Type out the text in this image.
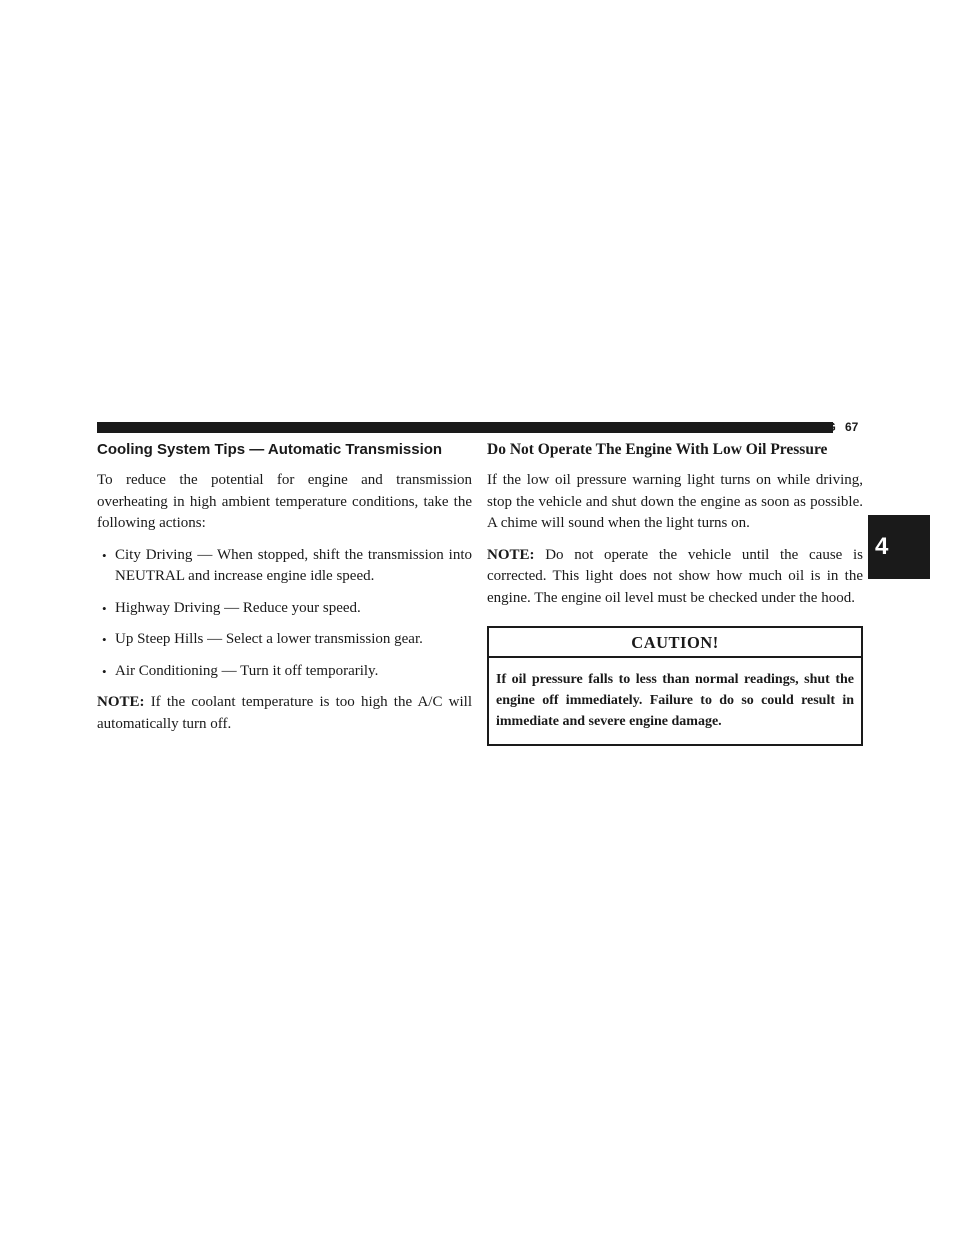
STARTING AND OPERATING 67
4
Cooling System Tips — Automatic Transmission

To reduce the potential for engine and transmission overheating in high ambient temperature conditions, take the following actions:

• City Driving — When stopped, shift the transmission into NEUTRAL and increase engine idle speed.
• Highway Driving — Reduce your speed.
• Up Steep Hills — Select a lower transmission gear.
• Air Conditioning — Turn it off temporarily.

NOTE: If the coolant temperature is too high the A/C will automatically turn off.

Do Not Operate The Engine With Low Oil Pressure

If the low oil pressure warning light turns on while driving, stop the vehicle and shut down the engine as soon as possible. A chime will sound when the light turns on.

NOTE: Do not operate the vehicle until the cause is corrected. This light does not show how much oil is in the engine. The engine oil level must be checked under the hood.

CAUTION!
If oil pressure falls to less than normal readings, shut the engine off immediately. Failure to do so could result in immediate and severe engine damage.
